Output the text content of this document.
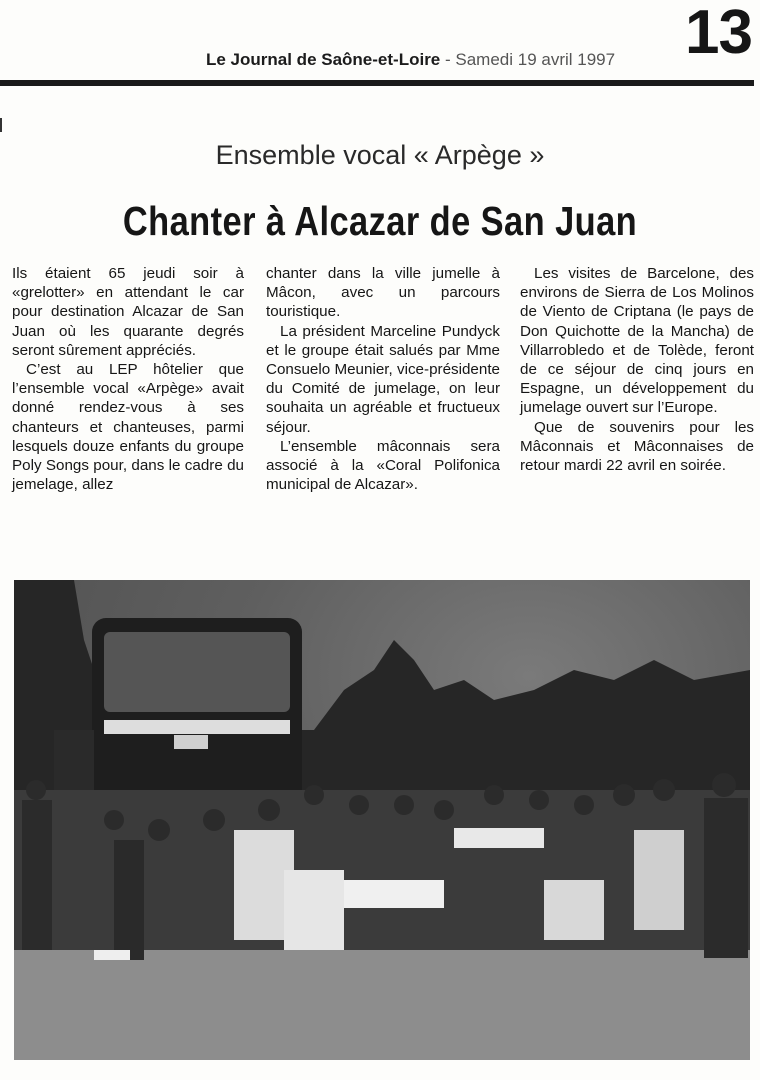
Le Journal de Saône-et-Loire - Samedi 19 avril 1997 13
Ensemble vocal « Arpège »
Chanter à Alcazar de San Juan

Ils étaient 65 jeudi soir à «grelotter» en attendant le car pour destination Alcazar de San Juan où les quarante degrés seront sûrement appréciés.

C’est au LEP hôtelier que l’ensemble vocal «Arpège» avait donné rendez-vous à ses chanteurs et chanteuses, parmi lesquels douze enfants du groupe Poly Songs pour, dans le cadre du jemelage, allez

chanter dans la ville jumelle à Mâcon, avec un parcours touristique.

La président Marceline Pundyck et le groupe était salués par Mme Consuelo Meunier, vice-présidente du Comité de jumelage, on leur souhaita un agréable et fructueux séjour.

L’ensemble mâconnais sera associé à la «Coral Polifonica municipal de Alcazar».

Les visites de Barcelone, des environs de Sierra de Los Molinos de Viento de Criptana (le pays de Don Quichotte de la Mancha) de Villarrobledo et de Tolède, feront de ce séjour de cinq jours en Espagne, un développement du jumelage ouvert sur l’Europe.

Que de souvenirs pour les Mâconnais et Mâconnaises de retour mardi 22 avril en soirée.
